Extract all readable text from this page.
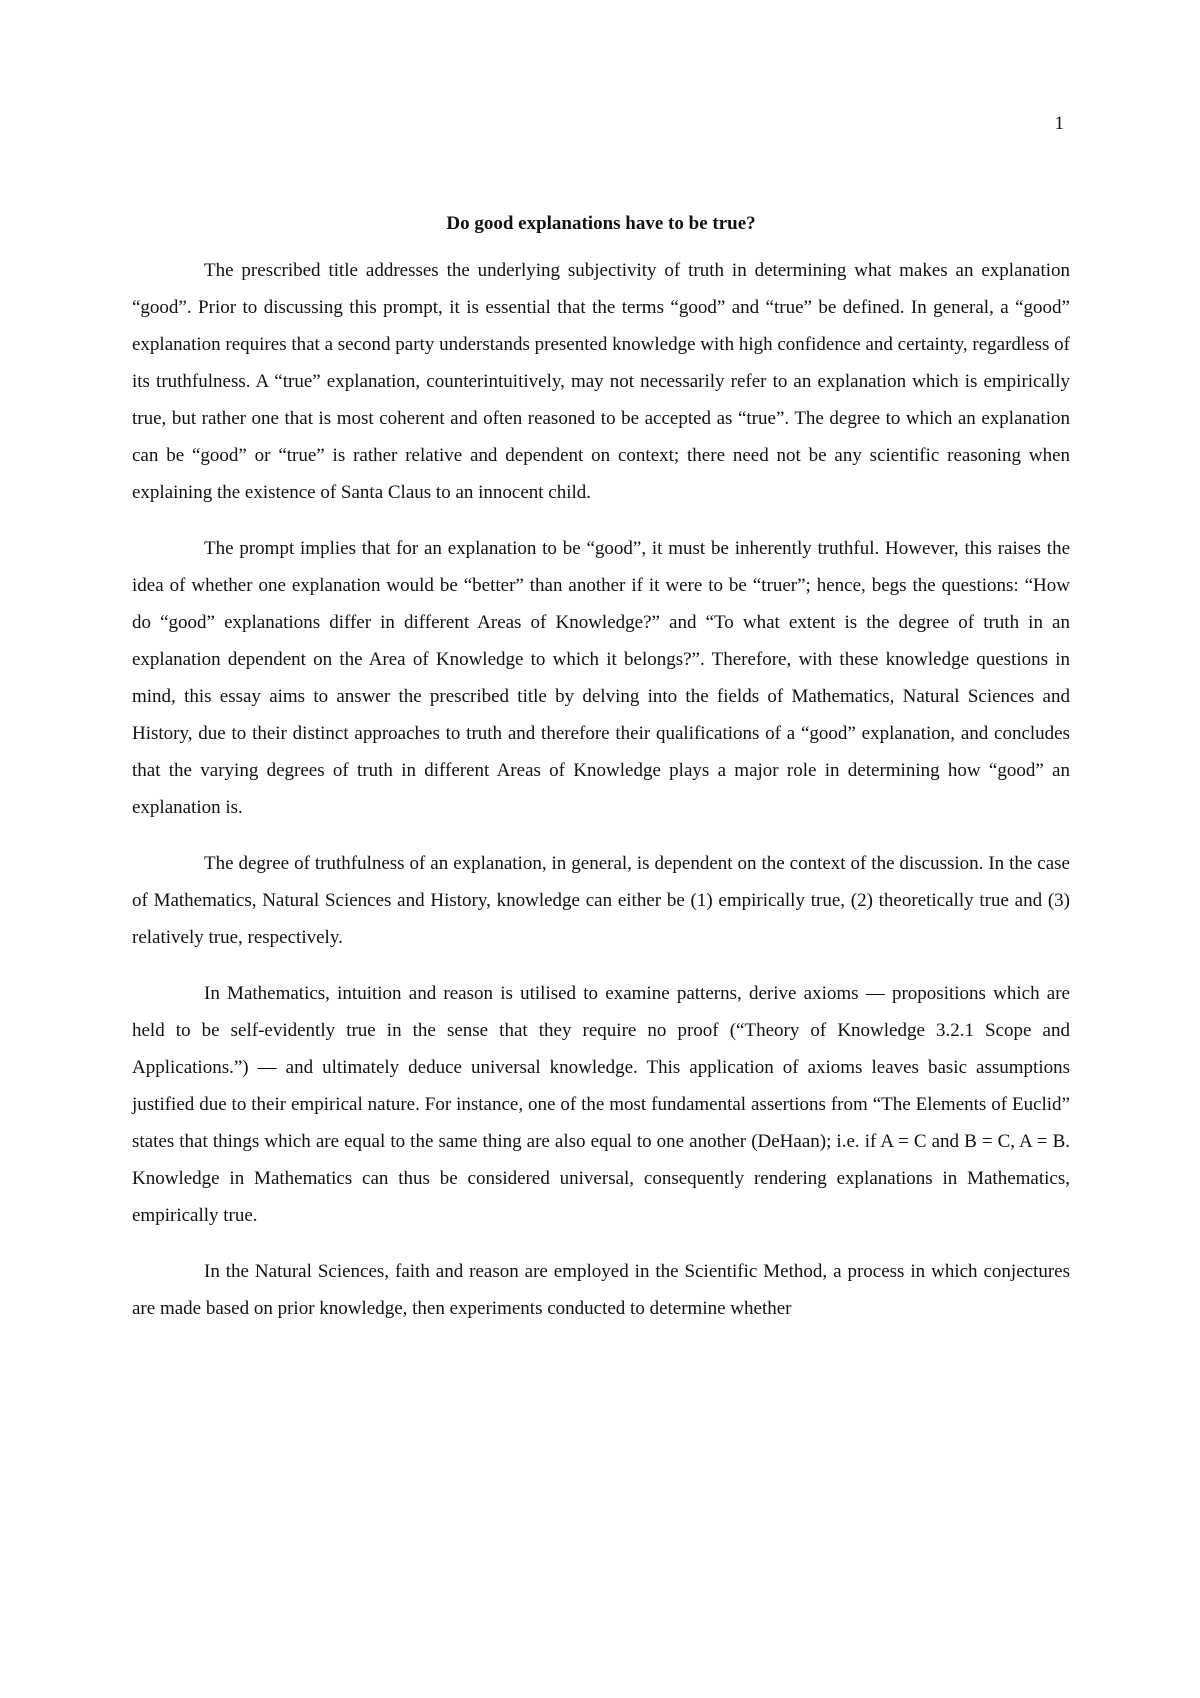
1
Do good explanations have to be true?

The prescribed title addresses the underlying subjectivity of truth in determining what makes an explanation “good”. Prior to discussing this prompt, it is essential that the terms “good” and “true” be defined. In general, a “good” explanation requires that a second party understands presented knowledge with high confidence and certainty, regardless of its truthfulness. A “true” explanation, counterintuitively, may not necessarily refer to an explanation which is empirically true, but rather one that is most coherent and often reasoned to be accepted as “true”. The degree to which an explanation can be “good” or “true” is rather relative and dependent on context; there need not be any scientific reasoning when explaining the existence of Santa Claus to an innocent child.

The prompt implies that for an explanation to be “good”, it must be inherently truthful. However, this raises the idea of whether one explanation would be “better” than another if it were to be “truer”; hence, begs the questions: “How do “good” explanations differ in different Areas of Knowledge?” and “To what extent is the degree of truth in an explanation dependent on the Area of Knowledge to which it belongs?”. Therefore, with these knowledge questions in mind, this essay aims to answer the prescribed title by delving into the fields of Mathematics, Natural Sciences and History, due to their distinct approaches to truth and therefore their qualifications of a “good” explanation, and concludes that the varying degrees of truth in different Areas of Knowledge plays a major role in determining how “good” an explanation is.

The degree of truthfulness of an explanation, in general, is dependent on the context of the discussion. In the case of Mathematics, Natural Sciences and History, knowledge can either be (1) empirically true, (2) theoretically true and (3) relatively true, respectively.

In Mathematics, intuition and reason is utilised to examine patterns, derive axioms — propositions which are held to be self-evidently true in the sense that they require no proof (“Theory of Knowledge 3.2.1 Scope and Applications.”) — and ultimately deduce universal knowledge. This application of axioms leaves basic assumptions justified due to their empirical nature. For instance, one of the most fundamental assertions from “The Elements of Euclid” states that things which are equal to the same thing are also equal to one another (DeHaan); i.e. if A = C and B = C, A = B. Knowledge in Mathematics can thus be considered universal, consequently rendering explanations in Mathematics, empirically true.

In the Natural Sciences, faith and reason are employed in the Scientific Method, a process in which conjectures are made based on prior knowledge, then experiments conducted to determine whether
